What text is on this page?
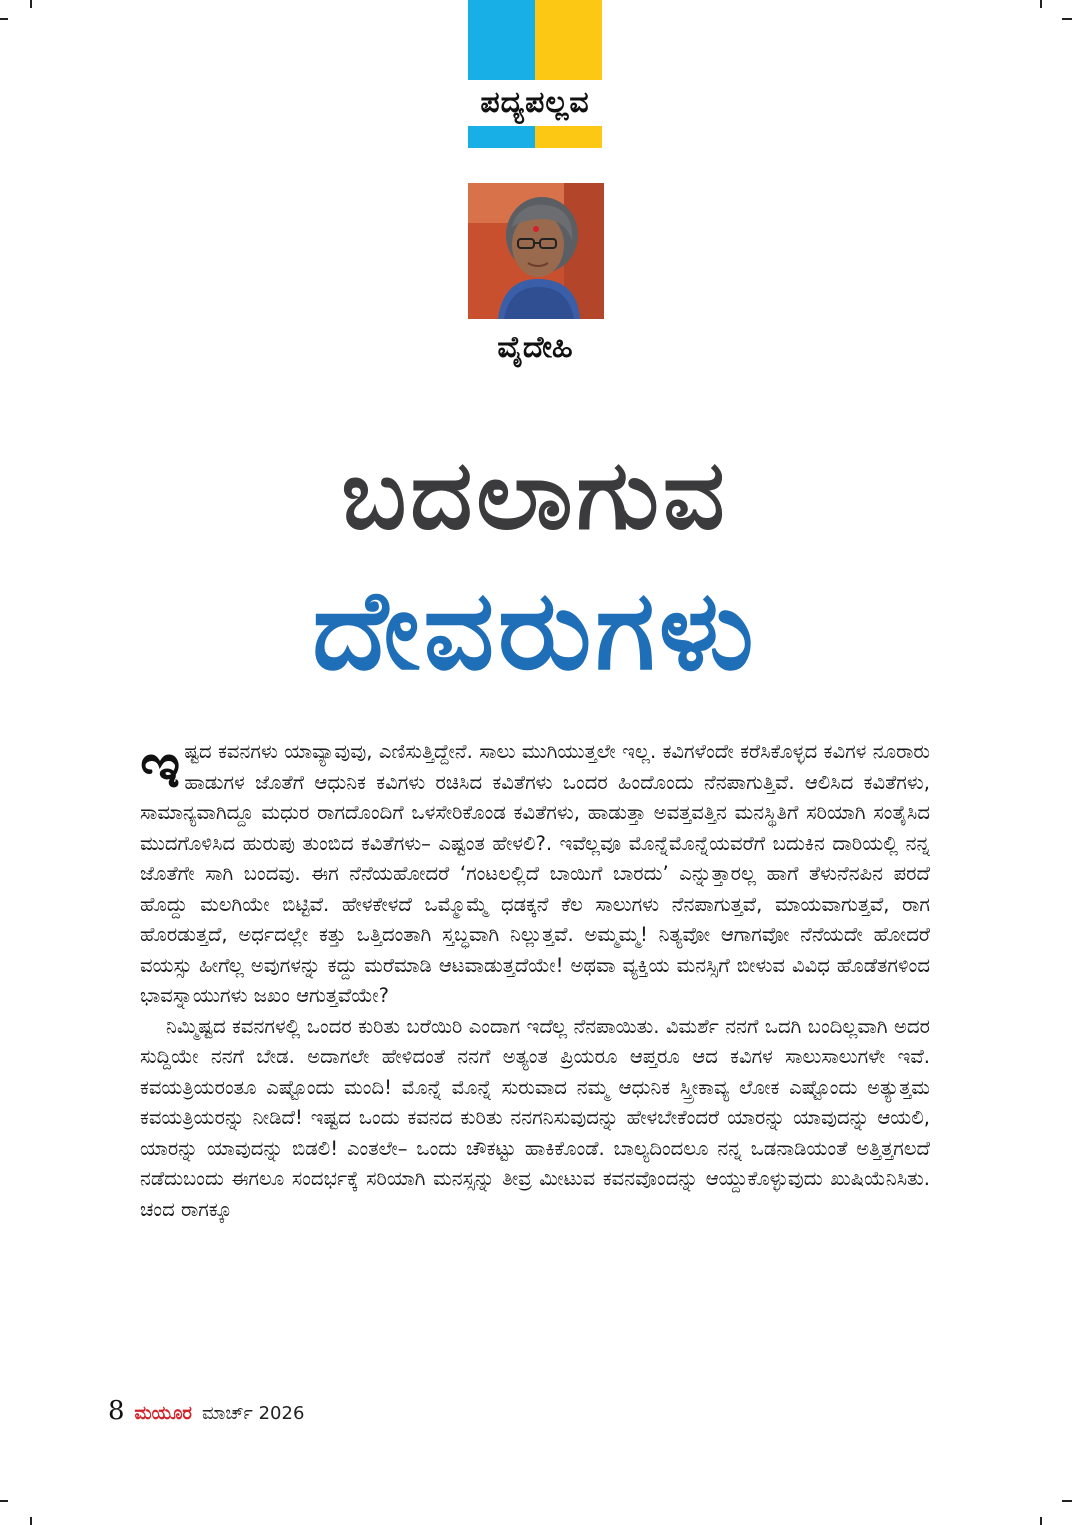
ಪದ್ಯಪಲ್ಲವ
ವೈದೇಹಿ
ಬದಲಾಗುವ
ದೇವರುಗಳು

ಇ ಷ್ಟದ ಕವನಗಳು ಯಾವ್ಯಾವುವು, ಎಣಿಸುತ್ತಿದ್ದೇನೆ. ಸಾಲು ಮುಗಿಯುತ್ತಲೇ ಇಲ್ಲ. ಕವಿಗಳೆಂದೇ ಕರೆಸಿಕೊಳ್ಳದ ಕವಿಗಳ ನೂರಾರು ಹಾಡುಗಳ ಜೊತೆಗೆ ಆಧುನಿಕ ಕವಿಗಳು ರಚಿಸಿದ ಕವಿತೆಗಳು ಒಂದರ ಹಿಂದೊಂದು ನೆನಪಾಗುತ್ತಿವೆ. ಆಲಿಸಿದ ಕವಿತೆಗಳು, ಸಾಮಾನ್ಯವಾಗಿದ್ದೂ ಮಧುರ ರಾಗದೊಂದಿಗೆ ಒಳಸೇರಿಕೊಂಡ ಕವಿತೆಗಳು, ಹಾಡುತ್ತಾ ಅವತ್ತವತ್ತಿನ ಮನಸ್ಥಿತಿಗೆ ಸರಿಯಾಗಿ ಸಂತೈಸಿದ ಮುದಗೊಳಿಸಿದ ಹುರುಪು ತುಂಬಿದ ಕವಿತೆಗಳು– ಎಷ್ಟಂತ ಹೇಳಲಿ?. ಇವೆಲ್ಲವೂ ಮೊನ್ನೆಮೊನ್ನೆಯವರೆಗೆ ಬದುಕಿನ ದಾರಿಯಲ್ಲಿ ನನ್ನ ಜೊತೆಗೇ ಸಾಗಿ ಬಂದವು. ಈಗ ನೆನೆಯಹೋದರೆ ‘ಗಂಟಲಲ್ಲಿದೆ ಬಾಯಿಗೆ ಬಾರದು’ ಎನ್ನುತ್ತಾರಲ್ಲ ಹಾಗೆ ತೆಳುನೆನಪಿನ ಪರದೆ ಹೊದ್ದು ಮಲಗಿಯೇ ಬಿಟ್ಟಿವೆ. ಹೇಳಕೇಳದೆ ಒಮ್ಮೊಮ್ಮೆ ಧಡಕ್ಕನೆ ಕೆಲ ಸಾಲುಗಳು ನೆನಪಾಗುತ್ತವೆ, ಮಾಯವಾಗುತ್ತವೆ, ರಾಗ ಹೊರಡುತ್ತದೆ, ಅರ್ಧದಲ್ಲೇ ಕತ್ತು ಒತ್ತಿದಂತಾಗಿ ಸ್ತಬ್ಧವಾಗಿ ನಿಲ್ಲುತ್ತವೆ. ಅಮ್ಮಮ್ಮ! ನಿತ್ಯವೋ ಆಗಾಗವೋ ನೆನೆಯದೇ ಹೋದರೆ ವಯಸ್ಸು ಹೀಗೆಲ್ಲ ಅವುಗಳನ್ನು ಕದ್ದು ಮರೆಮಾಡಿ ಆಟವಾಡುತ್ತದೆಯೇ! ಅಥವಾ ವ್ಯಕ್ತಿಯ ಮನಸ್ಸಿಗೆ ಬೀಳುವ ವಿವಿಧ ಹೊಡೆತಗಳಿಂದ ಭಾವಸ್ನಾಯುಗಳು ಜಖಂ ಆಗುತ್ತವೆಯೇ?

ನಿಮ್ಮಿಷ್ಟದ ಕವನಗಳಲ್ಲಿ ಒಂದರ ಕುರಿತು ಬರೆಯಿರಿ ಎಂದಾಗ ಇದೆಲ್ಲ ನೆನಪಾಯಿತು. ವಿಮರ್ಶೆ ನನಗೆ ಒದಗಿ ಬಂದಿಲ್ಲವಾಗಿ ಅದರ ಸುದ್ದಿಯೇ ನನಗೆ ಬೇಡ. ಅದಾಗಲೇ ಹೇಳಿದಂತೆ ನನಗೆ ಅತ್ಯಂತ ಪ್ರಿಯರೂ ಆಪ್ತರೂ ಆದ ಕವಿಗಳ ಸಾಲುಸಾಲುಗಳೇ ಇವೆ. ಕವಯತ್ರಿಯರಂತೂ ಎಷ್ಟೊಂದು ಮಂದಿ! ಮೊನ್ನೆ ಮೊನ್ನೆ ಸುರುವಾದ ನಮ್ಮ ಆಧುನಿಕ ಸ್ತ್ರೀಕಾವ್ಯ ಲೋಕ ಎಷ್ಟೊಂದು ಅತ್ಯುತ್ತಮ ಕವಯತ್ರಿಯರನ್ನು ನೀಡಿದೆ! ಇಷ್ಟದ ಒಂದು ಕವನದ ಕುರಿತು ನನಗನಿಸುವುದನ್ನು ಹೇಳಬೇಕೆಂದರೆ ಯಾರನ್ನು ಯಾವುದನ್ನು ಆಯಲಿ, ಯಾರನ್ನು ಯಾವುದನ್ನು ಬಿಡಲಿ! ಎಂತಲೇ– ಒಂದು ಚೌಕಟ್ಟು ಹಾಕಿಕೊಂಡೆ. ಬಾಲ್ಯದಿಂದಲೂ ನನ್ನ ಒಡನಾಡಿಯಂತೆ ಅತ್ತಿತ್ತಗಲದೆ ನಡೆದುಬಂದು ಈಗಲೂ ಸಂದರ್ಭಕ್ಕೆ ಸರಿಯಾಗಿ ಮನಸ್ಸನ್ನು ತೀವ್ರ ಮೀಟುವ ಕವನವೊಂದನ್ನು ಆಯ್ದುಕೊಳ್ಳುವುದು ಖುಷಿಯೆನಿಸಿತು. ಚಂದ ರಾಗಕ್ಕೂ

8 ಮಯೂರ ಮಾರ್ಚ್ 2026
